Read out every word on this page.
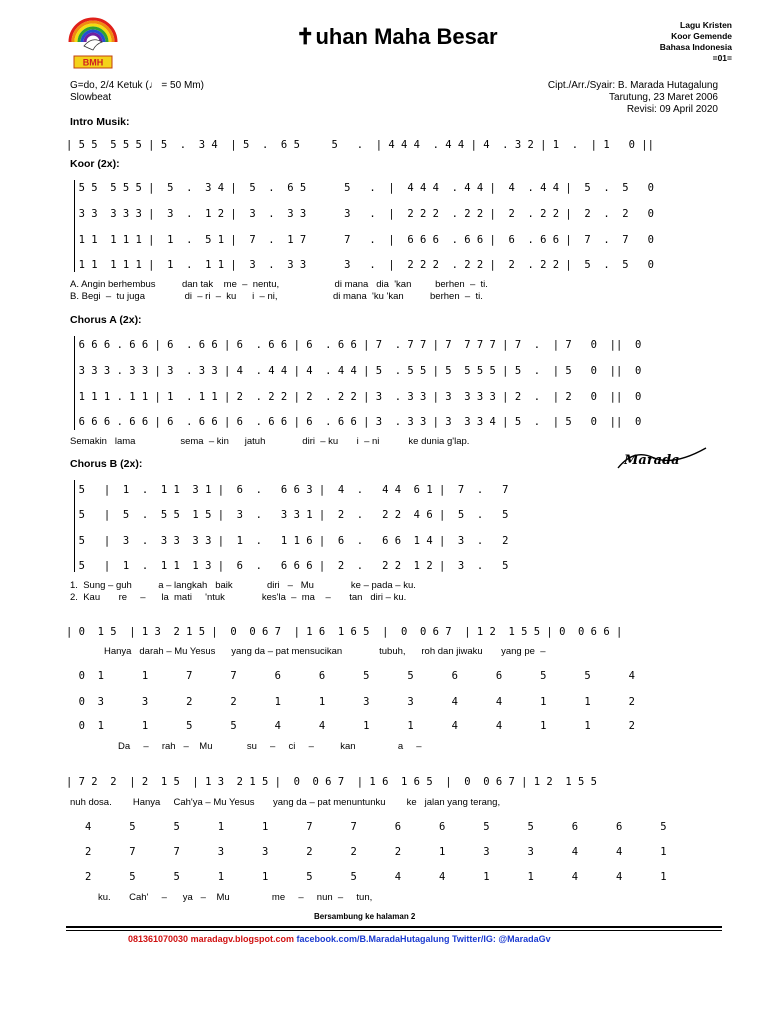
BMH
✝uhan Maha Besar	Lagu Kristen
Koor Gemende
Bahasa Indonesia
=01=
G=do, 2/4 Ketuk (♩ = 50 Mm)
Slowbeat
Cipt./Arr./Syair: B. Marada Hutagalung
Tarutung, 23 Maret 2006
Revisi: 09 April 2020
Intro Musik:
| 5 5  5 5 5 | 5  .  3 4  | 5  .  6 5     5   .  | 4 4 4  . 4 4 | 4  . 3 2 | 1  .  | 1   0 ||
Koor (2x):
5 5  5 5 5 |  5  .  3 4 |  5  .  6 5      5   .  |  4 4 4  . 4 4 |  4  . 4 4 |  5  .  5   0
3 3  3 3 3 |  3  .  1 2 |  3  .  3 3      3   .  |  2 2 2  . 2 2 |  2  . 2 2 |  2  .  2   0
1 1  1 1 1 |  1  .  5 1 |  7  .  1 7      7   .  |  6 6 6  . 6 6 |  6  . 6 6 |  7  .  7   0
1 1  1 1 1 |  1  .  1 1 |  3  .  3 3      3   .  |  2 2 2  . 2 2 |  2  . 2 2 |  5  .  5   0
A. Angin berhembus          dan tak    me  –  nentu,                     di mana   dia  'kan         berhen  –  ti.
B. Begi  –  tu juga               di  – ri  –  ku      i  – ni,                     di mana  'ku 'kan          berhen  –  ti.
Chorus A (2x):
6 6 6 . 6 6 | 6  . 6 6 | 6  . 6 6 | 6  . 6 6 | 7  . 7 7 | 7  7 7 7 | 7  .  | 7   0  ||  0
3 3 3 . 3 3 | 3  . 3 3 | 4  . 4 4 | 4  . 4 4 | 5  . 5 5 | 5  5 5 5 | 5  .  | 5   0  ||  0
1 1 1 . 1 1 | 1  . 1 1 | 2  . 2 2 | 2  . 2 2 | 3  . 3 3 | 3  3 3 3 | 2  .  | 2   0  ||  0
6 6 6 . 6 6 | 6  . 6 6 | 6  . 6 6 | 6  . 6 6 | 3  . 3 3 | 3  3 3 4 | 5  .  | 5   0  ||  0
Semakin   lama                 sema  – kin      jatuh              diri  – ku       i  – ni           ke dunia g'lap.
Marada
Chorus B (2x):
5   |  1  .  1 1  3 1 |  6  .   6 6 3 |  4  .   4 4  6 1 |  7  .   7
5   |  5  .  5 5  1 5 |  3  .   3 3 1 |  2  .   2 2  4 6 |  5  .   5
5   |  3  .  3 3  3 3 |  1  .   1 1 6 |  6  .   6 6  1 4 |  3  .   2
5   |  1  .  1 1  1 3 |  6  .   6 6 6 |  2  .   2 2  1 2 |  3  .   5
1.  Sung – guh          a – langkah   baik             diri   –   Mu              ke – pada – ku.
2.  Kau       re     –      la  mati     'ntuk              kes'la  –  ma    –       tan   diri – ku.
| 0  1 5  | 1 3  2 1 5 |  0  0 6 7  | 1 6  1 6 5  |  0  0 6 7  | 1 2  1 5 5 | 0  0 6 6 |
Hanya   darah – Mu Yesus      yang da – pat mensucikan              tubuh,      roh dan jiwaku       yang pe  –
0  1      1      7      7      6      6      5      5      6      6      5      5      4
0  3      3      2      2      1      1      3      3      4      4      1      1      2
0  1      1      5      5      4      4      1      1      4      4      1      1      2
Da     –     rah   –    Mu             su     –     ci     –          kan                a     –
| 7 2  2  | 2  1 5  | 1 3  2 1 5 |  0  0 6 7  | 1 6  1 6 5  |  0  0 6 7 | 1 2  1 5 5
nuh dosa.        Hanya     Cah'ya – Mu Yesus       yang da – pat menuntunku        ke   jalan yang terang,
4      5      5      1      1      7      7      6      6      5      5      6      6      5
2      7      7      3      3      2      2      2      1      3      3      4      4      1
2      5      5      1      1      5      5      4      4      1      1      4      4      1
ku.       Cah'     –      ya   –    Mu                me     –     nun  –     tun,
Bersambung ke halaman 2
081361070030 maradagv.blogspot.com facebook.com/B.MaradaHutagalung Twitter/IG: @MaradaGv
